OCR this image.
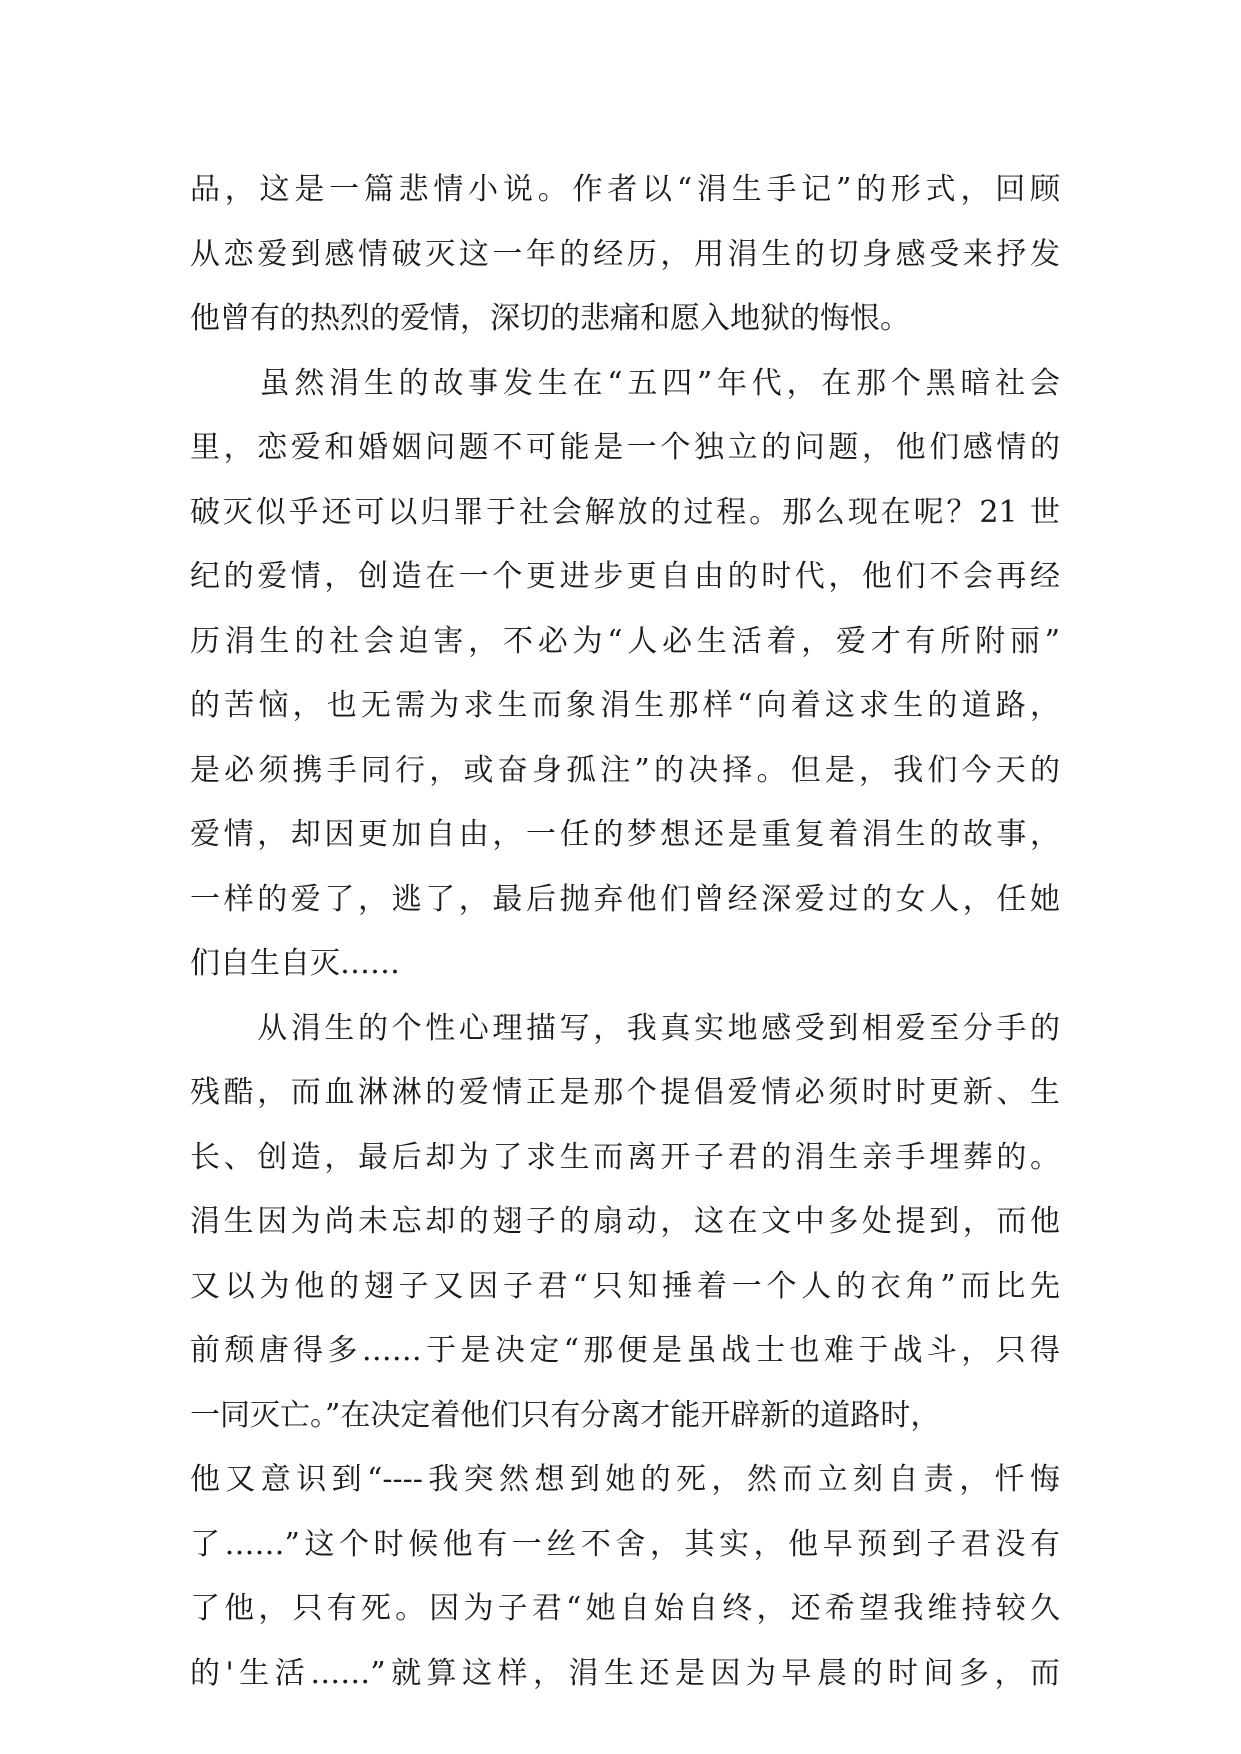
品，这是一篇悲情小说。作者以“涓生手记”的形式，回顾
从恋爱到感情破灭这一年的经历，用涓生的切身感受来抒发
他曾有的热烈的爱情，深切的悲痛和愿入地狱的悔恨。
　　虽然涓生的故事发生在“五四”年代，在那个黑暗社会
里，恋爱和婚姻问题不可能是一个独立的问题，他们感情的
破灭似乎还可以归罪于社会解放的过程。那么现在呢？21 世
纪的爱情，创造在一个更进步更自由的时代，他们不会再经
历涓生的社会迫害，不必为“人必生活着，爱才有所附丽”
的苦恼，也无需为求生而象涓生那样“向着这求生的道路，
是必须携手同行，或奋身孤注”的决择。但是，我们今天的
爱情，却因更加自由，一任的梦想还是重复着涓生的故事，
一样的爱了，逃了，最后抛弃他们曾经深爱过的女人，任她
们自生自灭……
　　从涓生的个性心理描写，我真实地感受到相爱至分手的
残酷，而血淋淋的爱情正是那个提倡爱情必须时时更新、生
长、创造，最后却为了求生而离开子君的涓生亲手埋葬的。
涓生因为尚未忘却的翅子的扇动，这在文中多处提到，而他
又以为他的翅子又因子君“只知捶着一个人的衣角”而比先
前颓唐得多……于是决定“那便是虽战士也难于战斗，只得
一同灭亡。”在决定着他们只有分离才能开辟新的道路时，
他又意识到“----我突然想到她的死，然而立刻自责，忏悔
了……”这个时候他有一丝不舍，其实，他早预到子君没有
了他，只有死。因为子君“她自始自终，还希望我维持较久
的'生活……”就算这样，涓生还是因为早晨的时间多，而
